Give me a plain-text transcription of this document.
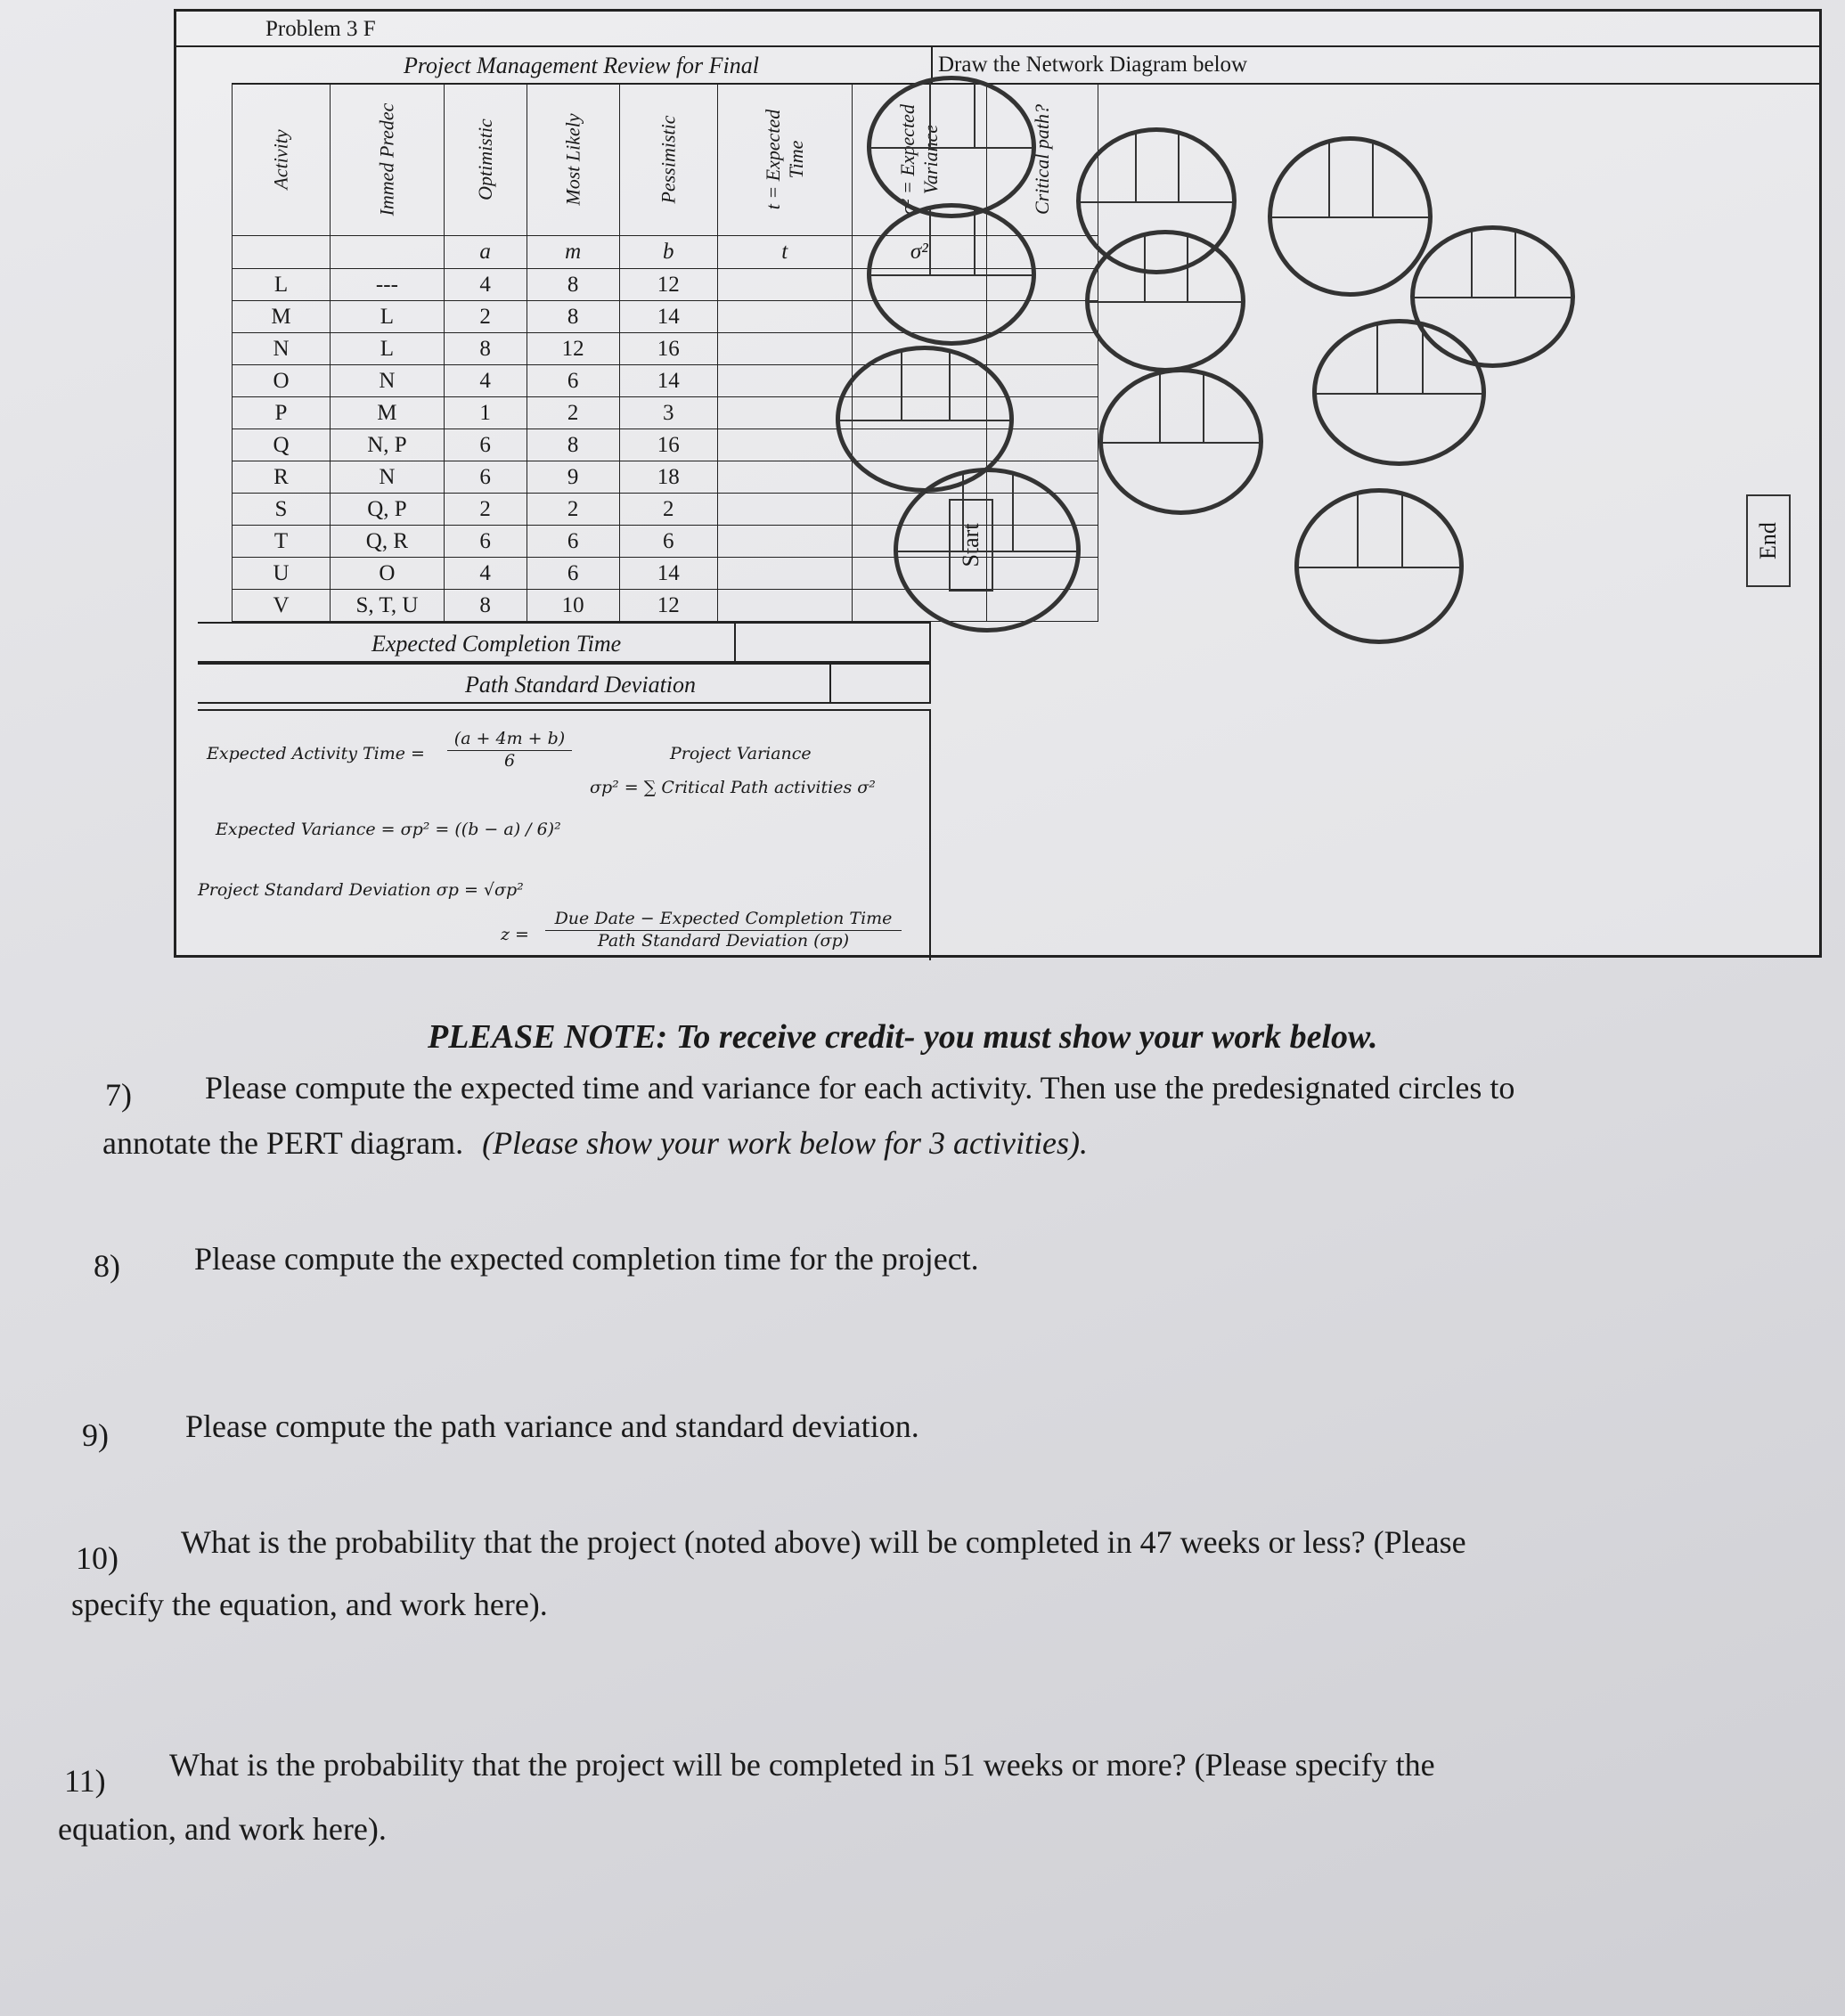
Problem 3 F
Project Management Review for Final	Draw the Network Diagram below
Activity	Immed Predec	Optimistic	Most Likely	Pessimistic	t = Expected Time	σ² = Expected Variance	Critical path?
		a	m	b	t	σ²	
L	---	4	8	12			
M	L	2	8	14			
N	L	8	12	16			
O	N	4	6	14			
P	M	1	2	3			
Q	N, P	6	8	16			
R	N	6	9	18			
S	Q, P	2	2	2			
T	Q, R	6	6	6			
U	O	4	6	14			
V	S, T, U	8	10	12			
Expected Completion Time
Path Standard Deviation
Expected Activity Time = $\frac{(a + 4m + b)}{6}$	Project Variance
σp² = ∑ Critical Path activities σ²
Expected Variance = σp² = ((b − a) / 6)²
Project Standard Deviation σp = √σp²
z =
Due Date − Expected Completion Time
Path Standard Deviation (σp)
Start	End
PLEASE NOTE: To receive credit- you must show your work below.
7) Please compute the expected time and variance for each activity. Then use the predesignated circles to
annotate the PERT diagram. (Please show your work below for 3 activities).
8) Please compute the expected completion time for the project.
9) Please compute the path variance and standard deviation.
10) What is the probability that the project (noted above) will be completed in 47 weeks or less? (Please
specify the equation, and work here).
11) What is the probability that the project will be completed in 51 weeks or more? (Please specify the
equation, and work here).
